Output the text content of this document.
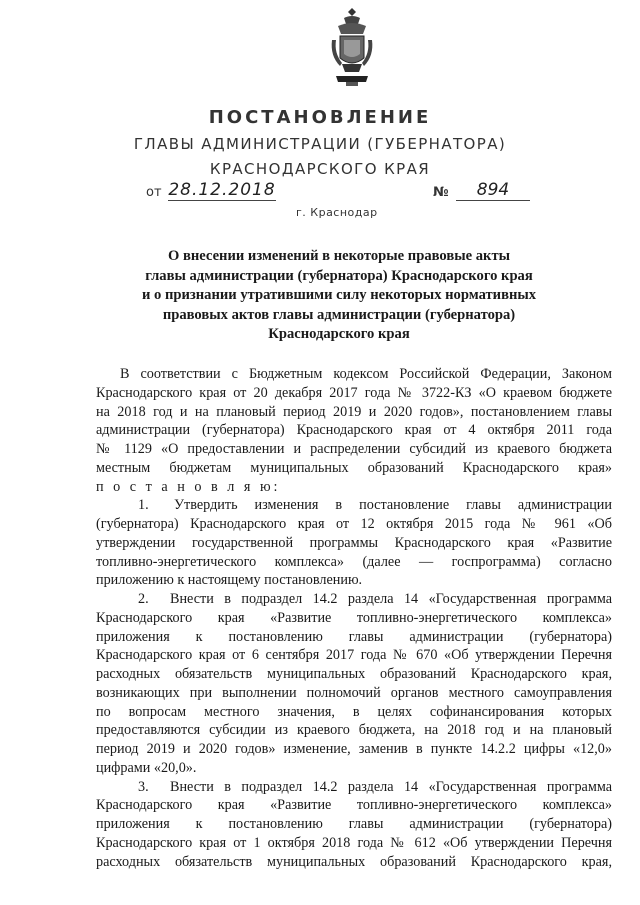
ПОСТАНОВЛЕНИЕ
ГЛАВЫ АДМИНИСТРАЦИИ (ГУБЕРНАТОРА)
КРАСНОДАРСКОГО КРАЯ
от 28.12.2018	№	894
г. Краснодар
О внесении изменений в некоторые правовые акты
главы администрации (губернатора) Краснодарского края
и о признании утратившими силу некоторых нормативных
правовых актов главы администрации (губернатора)
Краснодарского края
В соответствии с Бюджетным кодексом Российской Федерации, Законом
Краснодарского края от 20 декабря 2017 года № 3722-КЗ «О краевом бюджете
на 2018 год и на плановый период 2019 и 2020 годов», постановлением главы
администрации (губернатора) Краснодарского края от 4 октября 2011 года
№ 1129 «О предоставлении и распределении субсидий из краевого бюджета
местным бюджетам муниципальных образований Краснодарского края»
п о с т а н о в л я ю:
1. Утвердить изменения в постановление главы администрации
(губернатора) Краснодарского края от 12 октября 2015 года № 961 «Об
утверждении государственной программы Краснодарского края «Развитие
топливно-энергетического комплекса» (далее — госпрограмма) согласно
приложению к настоящему постановлению.
2. Внести в подраздел 14.2 раздела 14 «Государственная программа
Краснодарского края «Развитие топливно-энергетического комплекса»
приложения к постановлению главы администрации (губернатора)
Краснодарского края от 6 сентября 2017 года № 670 «Об утверждении Перечня
расходных обязательств муниципальных образований Краснодарского края,
возникающих при выполнении полномочий органов местного самоуправления
по вопросам местного значения, в целях софинансирования которых
предоставляются субсидии из краевого бюджета, на 2018 год и на плановый
период 2019 и 2020 годов» изменение, заменив в пункте 14.2.2 цифры «12,0»
цифрами «20,0».
3. Внести в подраздел 14.2 раздела 14 «Государственная программа
Краснодарского края «Развитие топливно-энергетического комплекса»
приложения к постановлению главы администрации (губернатора)
Краснодарского края от 1 октября 2018 года № 612 «Об утверждении Перечня
расходных обязательств муниципальных образований Краснодарского края,
